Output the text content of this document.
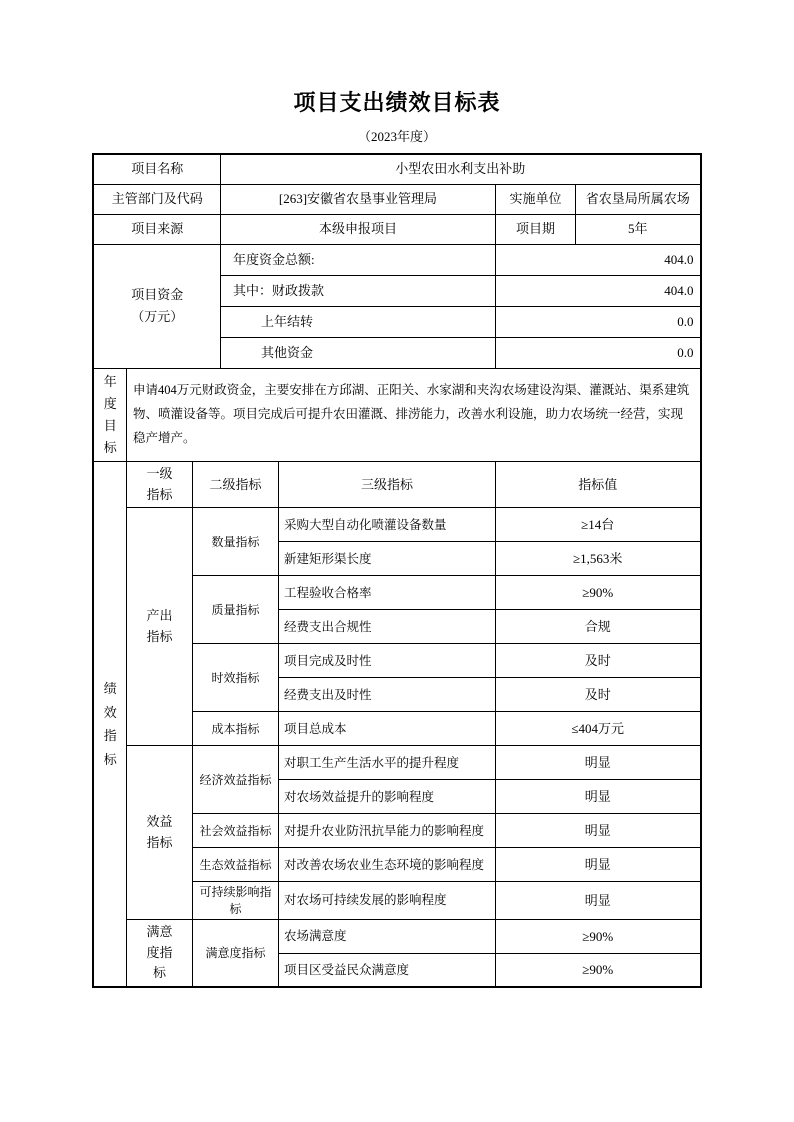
项目支出绩效目标表
（2023年度）
项目名称			小型农田水利支出补助			
主管部门及代码			[263]安徽省农垦事业管理局		实施单位	省农垦局所属农场
项目来源			本级申报项目		项目期	5年
项目资金（万元）			年度资金总额:		404.0	
			其中：财政拨款		404.0	
			上年结转		0.0	
			其他资金		0.0	
年度目标	申请404万元财政资金，主要安排在方邱湖、正阳关、水家湖和夹沟农场建设沟渠、灌溉站、渠系建筑物、喷灌设备等。项目完成后可提升农田灌溉、排涝能力，改善水利设施，助力农场统一经营，实现稳产增产。					
绩效指标	一级指标	二级指标		三级指标	指标值	
	产出指标	数量指标		采购大型自动化喷灌设备数量	≥14台	
				新建矩形渠长度	≥1,563米	
		质量指标		工程验收合格率	≥90%	
				经费支出合规性	合规	
		时效指标		项目完成及时性	及时	
				经费支出及时性	及时	
		成本指标		项目总成本	≤404万元	
	效益指标	经济效益指标		对职工生产生活水平的提升程度	明显	
				对农场效益提升的影响程度	明显	
		社会效益指标		对提升农业防汛抗旱能力的影响程度	明显	
		生态效益指标		对改善农场农业生态环境的影响程度	明显	
		可持续影响指标		对农场可持续发展的影响程度	明显	
	满意度指标	满意度指标		农场满意度	≥90%	
				项目区受益民众满意度	≥90%	
